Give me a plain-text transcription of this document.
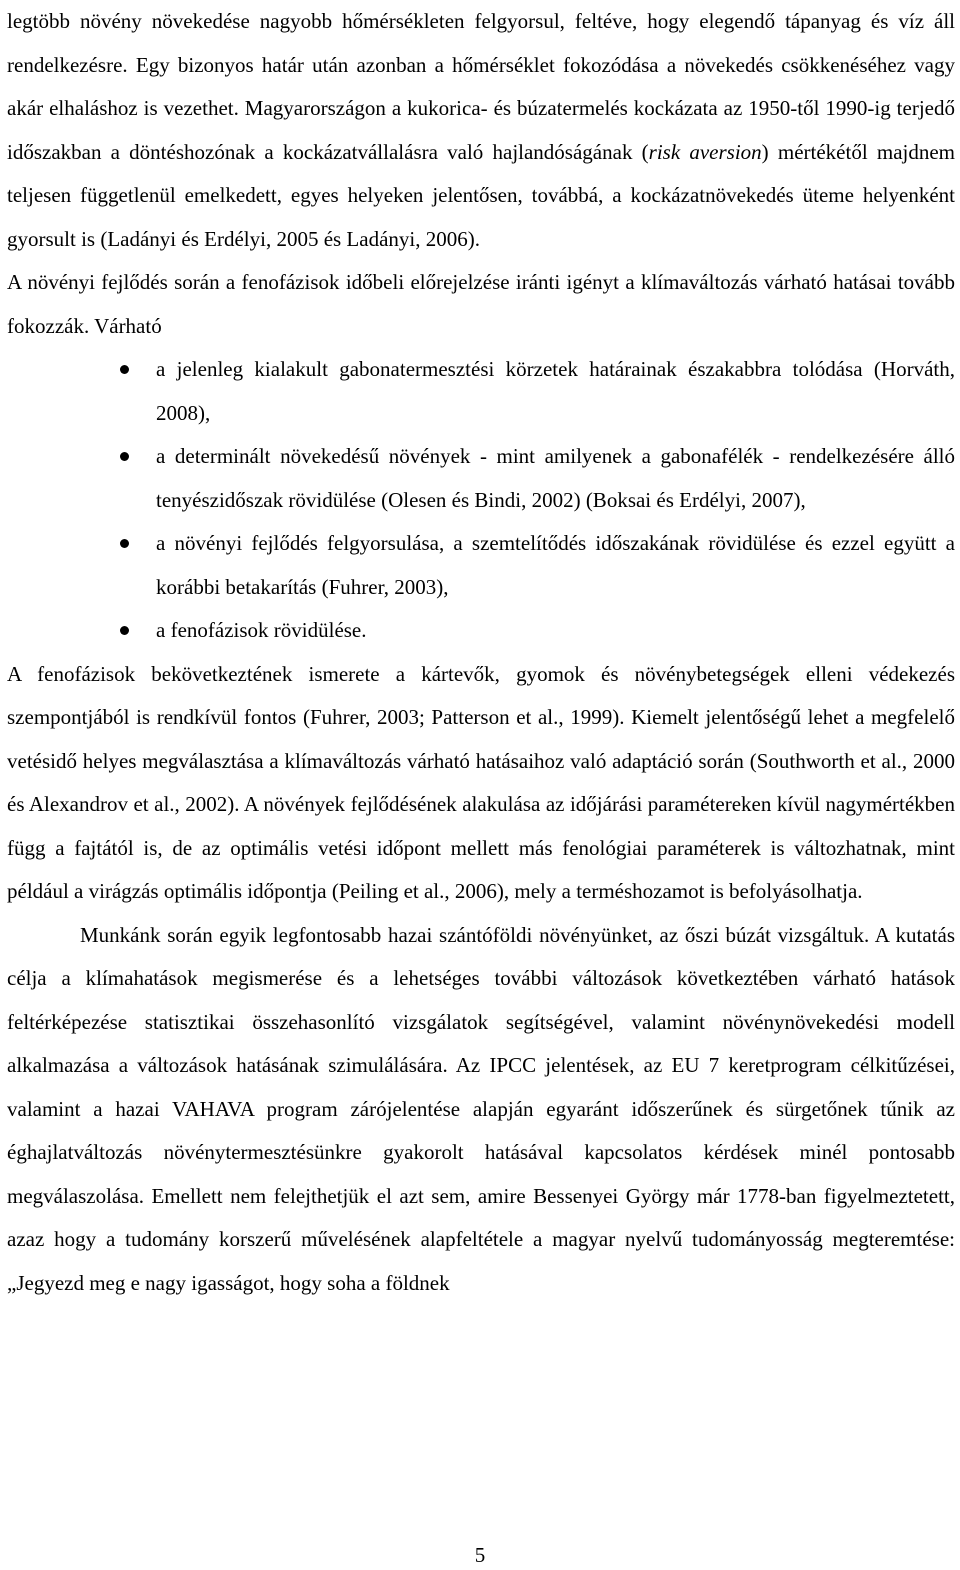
legtöbb növény növekedése nagyobb hőmérsékleten felgyorsul, feltéve, hogy elegendő tápanyag és víz áll rendelkezésre. Egy bizonyos határ után azonban a hőmérséklet fokozódása a növekedés csökkenéséhez vagy akár elhaláshoz is vezethet. Magyarországon a kukorica- és búzatermelés kockázata az 1950-től 1990-ig terjedő időszakban a döntéshozónak a kockázatvállalásra való hajlandóságának (risk aversion) mértékétől majdnem teljesen függetlenül emelkedett, egyes helyeken jelentősen, továbbá, a kockázatnövekedés üteme helyenként gyorsult is (Ladányi és Erdélyi, 2005 és Ladányi, 2006).

A növényi fejlődés során a fenofázisok időbeli előrejelzése iránti igényt a klímaváltozás várható hatásai tovább fokozzák. Várható

a jelenleg kialakult gabonatermesztési körzetek határainak északabbra tolódása (Horváth, 2008),
a determinált növekedésű növények - mint amilyenek a gabonafélék - rendelkezésére álló tenyészidőszak rövidülése (Olesen és Bindi, 2002) (Boksai és Erdélyi, 2007),
a növényi fejlődés felgyorsulása, a szemtelítődés időszakának rövidülése és ezzel együtt a korábbi betakarítás (Fuhrer, 2003),
a fenofázisok rövidülése.

A fenofázisok bekövetkeztének ismerete a kártevők, gyomok és növénybetegségek elleni védekezés szempontjából is rendkívül fontos (Fuhrer, 2003; Patterson et al., 1999). Kiemelt jelentőségű lehet a megfelelő vetésidő helyes megválasztása a klímaváltozás várható hatásaihoz való adaptáció során (Southworth et al., 2000 és Alexandrov et al., 2002). A növények fejlődésének alakulása az időjárási paramétereken kívül nagymértékben függ a fajtától is, de az optimális vetési időpont mellett más fenológiai paraméterek is változhatnak, mint például a virágzás optimális időpontja (Peiling et al., 2006), mely a terméshozamot is befolyásolhatja.

Munkánk során egyik legfontosabb hazai szántóföldi növényünket, az őszi búzát vizsgáltuk. A kutatás célja a klímahatások megismerése és a lehetséges további változások következtében várható hatások feltérképezése statisztikai összehasonlító vizsgálatok segítségével, valamint növénynövekedési modell alkalmazása a változások hatásának szimulálására. Az IPCC jelentések, az EU 7 keretprogram célkitűzései, valamint a hazai VAHAVA program zárójelentése alapján egyaránt időszerűnek és sürgetőnek tűnik az éghajlatváltozás növénytermesztésünkre gyakorolt hatásával kapcsolatos kérdések minél pontosabb megválaszolása. Emellett nem felejthetjük el azt sem, amire Bessenyei György már 1778-ban figyelmeztetett, azaz hogy a tudomány korszerű művelésének alapfeltétele a magyar nyelvű tudományosság megteremtése: „Jegyezd meg e nagy igasságot, hogy soha a földnek

5
